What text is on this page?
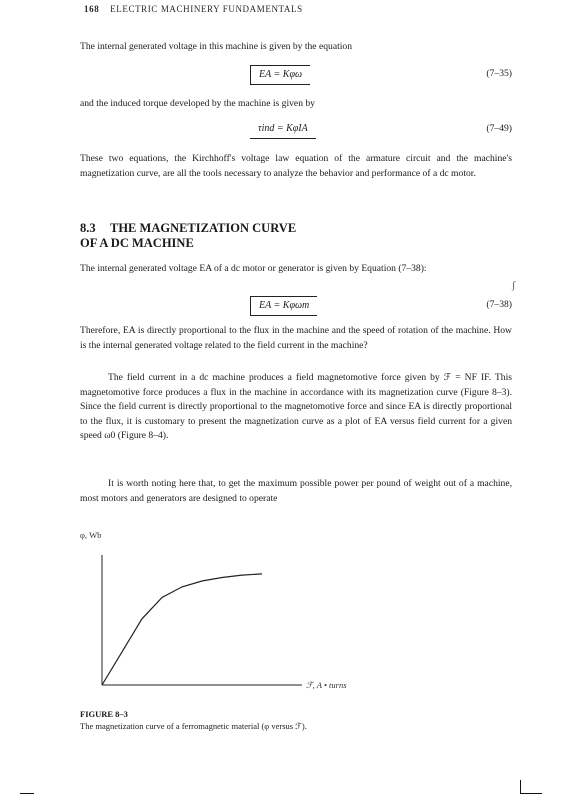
168 ELECTRIC MACHINERY FUNDAMENTALS

The internal generated voltage in this machine is given by the equation

EA = Kφω	(7–35)

and the induced torque developed by the machine is given by

τind = KφIA	(7–49)

These two equations, the Kirchhoff's voltage law equation of the armature circuit and the machine's magnetization curve, are all the tools necessary to analyze the behavior and performance of a dc motor.

8.3 THE MAGNETIZATION CURVE
OF A DC MACHINE

The internal generated voltage EA of a dc motor or generator is given by Equation (7–38):

EA = Kφωm	(7–38)

Therefore, EA is directly proportional to the flux in the machine and the speed of rotation of the machine. How is the internal generated voltage related to the field current in the machine?

The field current in a dc machine produces a field magnetomotive force given by ℱ = NF IF. This magnetomotive force produces a flux in the machine in accordance with its magnetization curve (Figure 8–3). Since the field current is directly proportional to the magnetomotive force and since EA is directly proportional to the flux, it is customary to present the magnetization curve as a plot of EA versus field current for a given speed ω0 (Figure 8–4).

It is worth noting here that, to get the maximum possible power per pound of weight out of a machine, most motors and generators are designed to operate

φ, Wb
ℱ, A • turns
FIGURE 8–3
The magnetization curve of a ferromagnetic material (φ versus ℱ).
ʃ
